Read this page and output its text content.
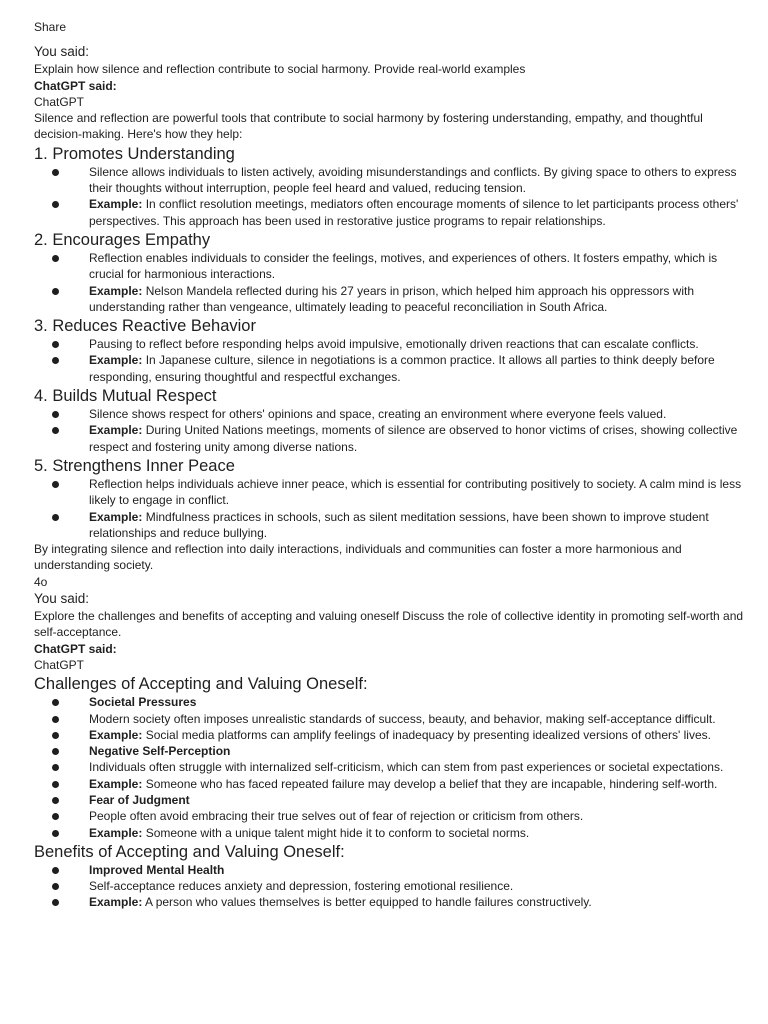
Share

You said:

Explain how silence and reflection contribute to social harmony. Provide real-world examples

ChatGPT said:

ChatGPT

Silence and reflection are powerful tools that contribute to social harmony by fostering understanding, empathy, and thoughtful decision-making. Here's how they help:

1. Promotes Understanding
Silence allows individuals to listen actively, avoiding misunderstandings and conflicts. By giving space to others to express their thoughts without interruption, people feel heard and valued, reducing tension.
Example: In conflict resolution meetings, mediators often encourage moments of silence to let participants process others' perspectives. This approach has been used in restorative justice programs to repair relationships.
2. Encourages Empathy
Reflection enables individuals to consider the feelings, motives, and experiences of others. It fosters empathy, which is crucial for harmonious interactions.
Example: Nelson Mandela reflected during his 27 years in prison, which helped him approach his oppressors with understanding rather than vengeance, ultimately leading to peaceful reconciliation in South Africa.
3. Reduces Reactive Behavior
Pausing to reflect before responding helps avoid impulsive, emotionally driven reactions that can escalate conflicts.
Example: In Japanese culture, silence in negotiations is a common practice. It allows all parties to think deeply before responding, ensuring thoughtful and respectful exchanges.
4. Builds Mutual Respect
Silence shows respect for others' opinions and space, creating an environment where everyone feels valued.
Example: During United Nations meetings, moments of silence are observed to honor victims of crises, showing collective respect and fostering unity among diverse nations.
5. Strengthens Inner Peace
Reflection helps individuals achieve inner peace, which is essential for contributing positively to society. A calm mind is less likely to engage in conflict.
Example: Mindfulness practices in schools, such as silent meditation sessions, have been shown to improve student relationships and reduce bullying.

By integrating silence and reflection into daily interactions, individuals and communities can foster a more harmonious and understanding society.

4o

You said:

Explore the challenges and benefits of accepting and valuing oneself Discuss the role of collective identity in promoting self-worth and self-acceptance.

ChatGPT said:

ChatGPT

Challenges of Accepting and Valuing Oneself:
Societal Pressures
Modern society often imposes unrealistic standards of success, beauty, and behavior, making self-acceptance difficult.
Example: Social media platforms can amplify feelings of inadequacy by presenting idealized versions of others' lives.
Negative Self-Perception
Individuals often struggle with internalized self-criticism, which can stem from past experiences or societal expectations.
Example: Someone who has faced repeated failure may develop a belief that they are incapable, hindering self-worth.
Fear of Judgment
People often avoid embracing their true selves out of fear of rejection or criticism from others.
Example: Someone with a unique talent might hide it to conform to societal norms.
Benefits of Accepting and Valuing Oneself:
Improved Mental Health
Self-acceptance reduces anxiety and depression, fostering emotional resilience.
Example: A person who values themselves is better equipped to handle failures constructively.
